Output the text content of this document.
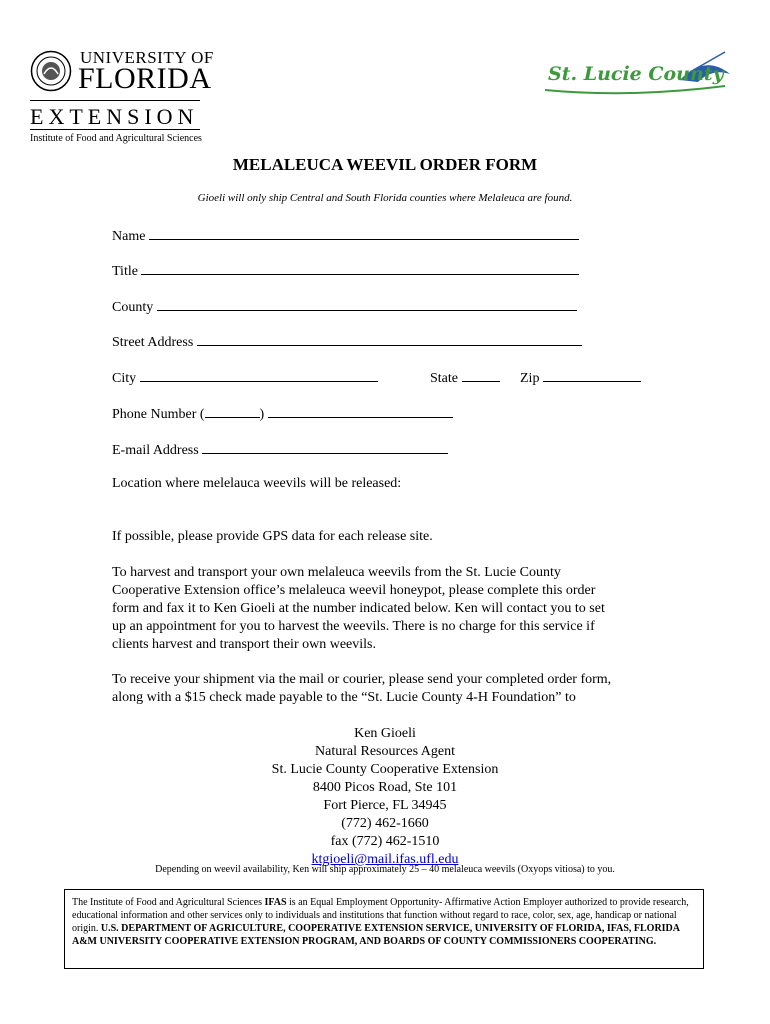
UNIVERSITY OF
FLORIDA
EXTENSION
Institute of Food and Agricultural Sciences
St. Lucie County
MELALEUCA WEEVIL ORDER FORM
Gioeli will only ship Central and South Florida counties where Melaleuca are found.
Name
Title
County
Street Address
City	State	Zip
Phone Number (	)
E-mail Address
Location where melelauca weevils will be released:
If possible, please provide GPS data for each release site.
To harvest and transport your own melaleuca weevils from the St. Lucie County
Cooperative Extension office’s melaleuca weevil honeypot, please complete this order
form and fax it to Ken Gioeli at the number indicated below. Ken will contact you to set
up an appointment for you to harvest the weevils. There is no charge for this service if
clients harvest and transport their own weevils.
To receive your shipment via the mail or courier, please send your completed order form,
along with a $15 check made payable to the “St. Lucie County 4-H Foundation” to
Ken Gioeli
Natural Resources Agent
St. Lucie County Cooperative Extension
8400 Picos Road, Ste 101
Fort Pierce, FL 34945
(772) 462-1660
fax (772) 462-1510
ktgioeli@mail.ifas.ufl.edu
Depending on weevil availability, Ken will ship approximately 25 – 40 melaleuca weevils (Oxyops vitiosa) to you.
The Institute of Food and Agricultural Sciences IFAS is an Equal Employment Opportunity- Affirmative Action Employer authorized to provide research, educational information and other services only to individuals and institutions that function without regard to race, color, sex, age, handicap or national origin. U.S. DEPARTMENT OF AGRICULTURE, COOPERATIVE EXTENSION SERVICE, UNIVERSITY OF FLORIDA, IFAS, FLORIDA A&M UNIVERSITY COOPERATIVE EXTENSION PROGRAM, AND BOARDS OF COUNTY COMMISSIONERS COOPERATING.
